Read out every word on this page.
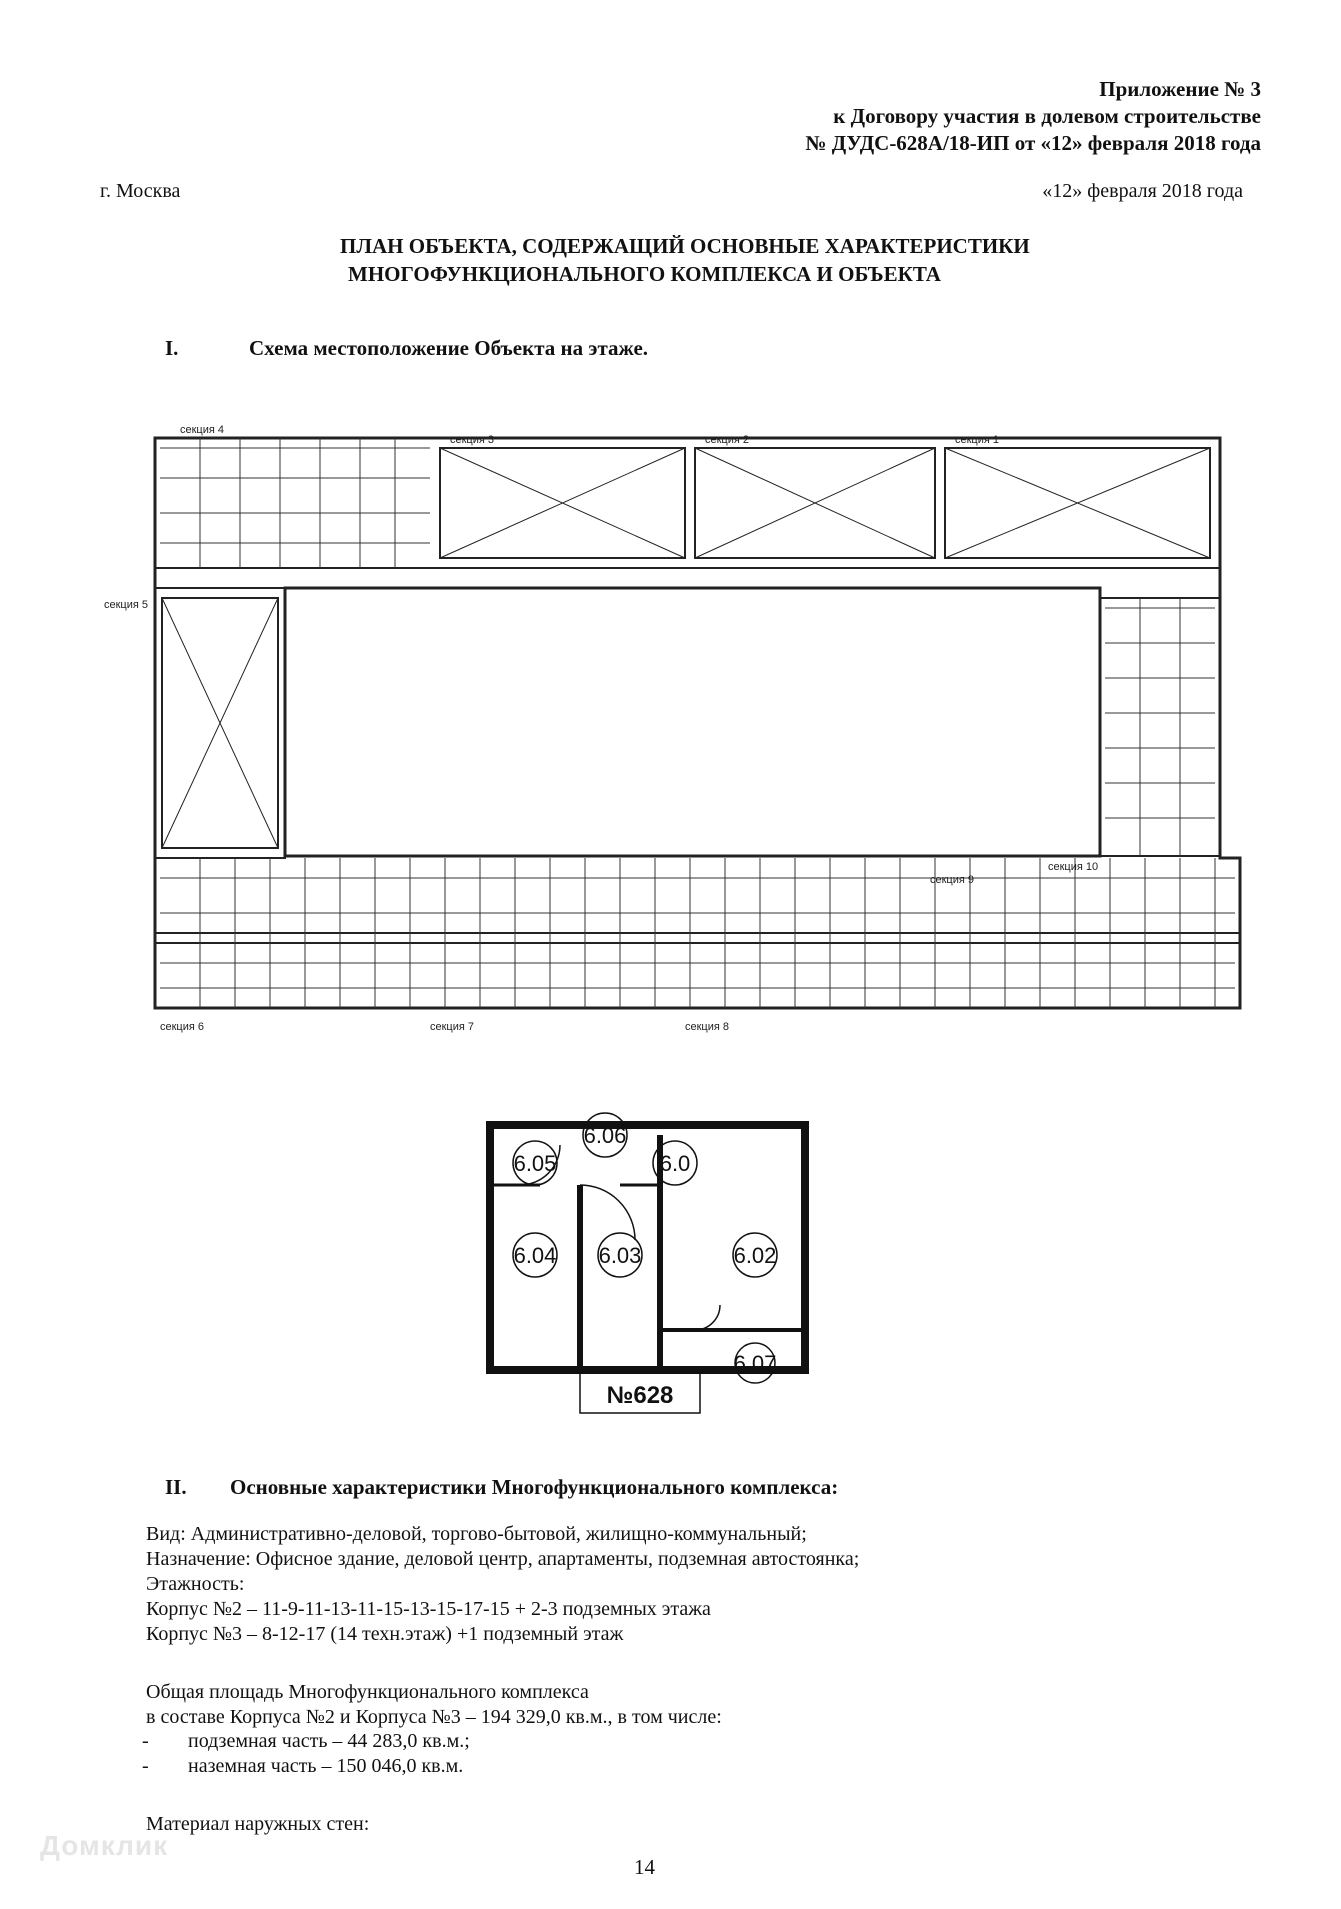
Приложение № 3
к Договору участия в долевом строительстве
№ ДУДС-628А/18-ИП от «12» февраля 2018 года
г. Москва	«12» февраля 2018 года
ПЛАН ОБЪЕКТА, СОДЕРЖАЩИЙ ОСНОВНЫЕ ХАРАКТЕРИСТИКИ
МНОГОФУНКЦИОНАЛЬНОГО КОМПЛЕКСА И ОБЪЕКТА
I.	Схема местоположение Объекта на этаже.
секция 4
секция 3	секция 2	секция 1
секция 5
секция 10
секция 9
секция 6	секция 7	секция 8
6.05
6.06
6.0
6.04 6.03	6.02
6.07
№628
II. Основные характеристики Многофункционального комплекса:
Вид: Административно-деловой, торгово-бытовой, жилищно-коммунальный;
Назначение: Офисное здание, деловой центр, апартаменты, подземная автостоянка;
Этажность:
Корпус №2 – 11-9-11-13-11-15-13-15-17-15 + 2-3 подземных этажа
Корпус №3 – 8-12-17 (14 техн.этаж) +1 подземный этаж
Общая площадь Многофункционального комплекса
в составе Корпуса №2 и Корпуса №3 – 194 329,0 кв.м., в том числе:
- подземная часть – 44 283,0 кв.м.;
- наземная часть – 150 046,0 кв.м.
Материал наружных стен:
14
Домклик
